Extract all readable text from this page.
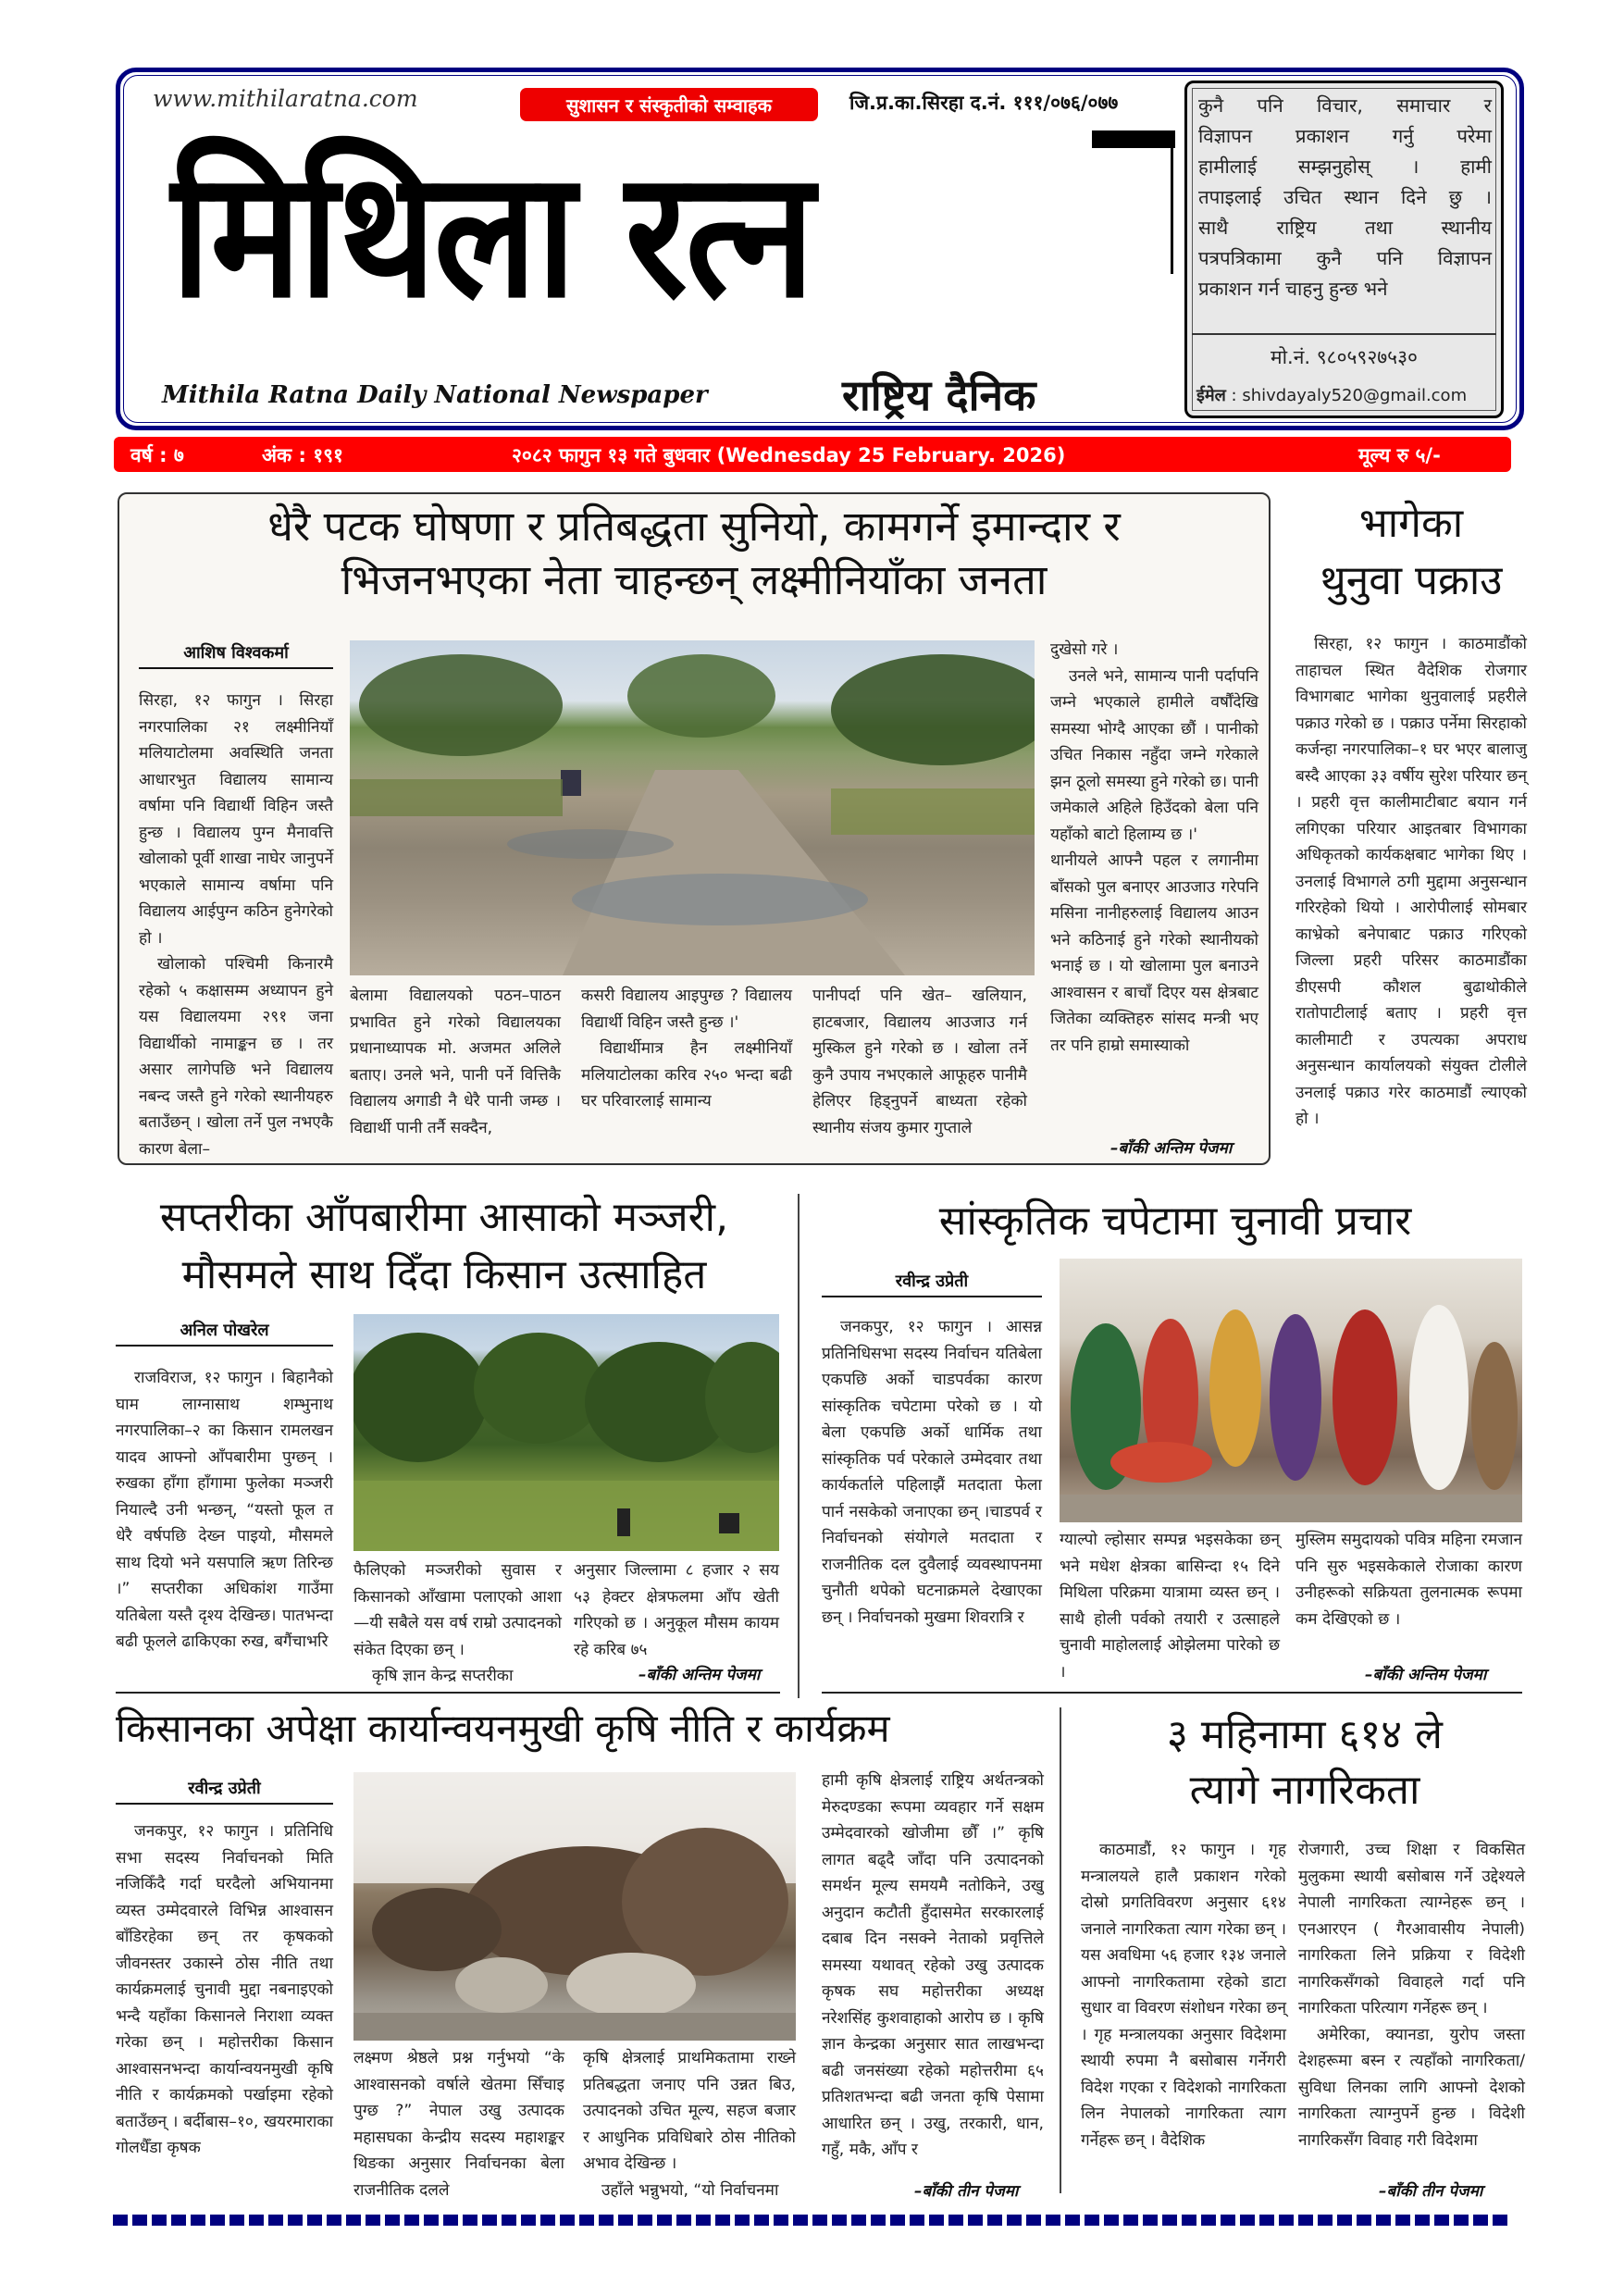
www.mithilaratna.com	सुशासन र संस्कृतीको सम्वाहक	जि.प्र.का.सिरहा द.नं. १११/०७६/०७७
मिथिला रत्न
Mithila Ratna Daily National Newspaper	राष्ट्रिय दैनिक
कुनै पनि विचार, समाचार र
विज्ञापन प्रकाशन गर्नु परेमा
हामीलाई सम्झनुहोस् । हामी
तपाइलाई उचित स्थान दिने छु ।
साथै राष्ट्रिय तथा स्थानीय
पत्रपत्रिकामा कुनै पनि विज्ञापन
प्रकाशन गर्न चाहनु हुन्छ भने
मो.नं. ९८०५९२७५३०
ईमेल : shivdayaly520@gmail.com
वर्ष : ७	अंक : १९१	२०८२ फागुन १३ गते बुधवार (Wednesday 25 February. 2026)	मूल्य रु ५/-
धेरै पटक घोषणा र प्रतिबद्धता सुनियो, कामगर्ने इमान्दार र
भिजनभएका नेता चाहन्छन् लक्ष्मीनियाँका जनता
आशिष विश्वकर्मा

सिरहा, १२ फागुन । सिरहा नगरपालिका २१ लक्ष्मीनियाँ मलियाटोलमा अवस्थिति जनता आधारभुत विद्यालय सामान्य वर्षामा पनि विद्यार्थी विहिन जस्तै हुन्छ । विद्यालय पुग्न मैनावत्ति खोलाको पूर्वी शाखा नाघेर जानुपर्ने भएकाले सामान्य वर्षामा पनि विद्यालय आईपुग्न कठिन हुनेगरेको हो ।

खोलाको पश्चिमी किनारमै रहेको ५ कक्षासम्म अध्यापन हुने यस विद्यालयमा २९१ जना विद्यार्थीको नामाङ्कन छ । तर असार लागेपछि भने विद्यालय नबन्द जस्तै हुने गरेको स्थानीयहरु बताउँछन् । खोला तर्ने पुल नभएकै कारण बेला–

बेलामा विद्यालयको पठन–पाठन प्रभावित हुने गरेको विद्यालयका प्रधानाध्यापक मो. अजमत अलिले बताए। उनले भने, पानी पर्ने वित्तिकै विद्यालय अगाडी नै धेरै पानी जम्छ । विद्यार्थी पानी तर्नै सक्दैन,

कसरी विद्यालय आइपुग्छ ? विद्यालय विद्यार्थी विहिन जस्तै हुन्छ ।'

विद्यार्थीमात्र हैन लक्ष्मीनियाँ मलियाटोलका करिव २५० भन्दा बढी घर परिवारलाई सामान्य

पानीपर्दा पनि खेत– खलियान, हाटबजार, विद्यालय आउजाउ गर्न मुस्किल हुने गरेको छ । खोला तर्ने कुनै उपाय नभएकाले आफूहरु पानीमै हेलिएर हिड्नुपर्ने बाध्यता रहेको स्थानीय संजय कुमार गुप्ताले

दुखेसो गरे ।

उनले भने, सामान्य पानी पर्दापनि जम्ने भएकाले हामीले वर्षौंदेखि समस्या भोग्दै आएका छौं । पानीको उचित निकास नहुँदा जम्ने गरेकाले झन ठूलो समस्या हुने गरेको छ। पानी जमेकाले अहिले हिउँदको बेला पनि यहाँको बाटो हिलाम्य छ ।'

थानीयले आफ्नै पहल र लगानीमा बाँसको पुल बनाएर आउजाउ गरेपनि मसिना नानीहरुलाई विद्यालय आउन भने कठिनाई हुने गरेको स्थानीयको भनाई छ । यो खोलामा पुल बनाउने आश्वासन र बाचाँ दिएर यस क्षेत्रबाट जितेका व्यक्तिहरु सांसद मन्त्री भए तर पनि हाम्रो समास्याको

–बाँकी अन्तिम पेजमा
भागेका
थुनुवा पक्राउ

सिरहा, १२ फागुन । काठमाडौंको ताहाचल स्थित वैदेशिक रोजगार विभागबाट भागेका थुनुवालाई प्रहरीले पक्राउ गरेको छ । पक्राउ पर्नेमा सिरहाको कर्जन्हा नगरपालिका–१ घर भएर बालाजु बस्दै आएका ३३ वर्षीय सुरेश परियार छन् । प्रहरी वृत्त कालीमाटीबाट बयान गर्न लगिएका परियार आइतबार विभागका अधिकृतको कार्यकक्षबाट भागेका थिए । उनलाई विभागले ठगी मुद्दामा अनुसन्धान गरिरहेको थियो । आरोपीलाई सोमबार काभ्रेको बनेपाबाट पक्राउ गरिएको जिल्ला प्रहरी परिसर काठमाडौंका डीएसपी कौशल बुढाथोकीले रातोपाटीलाई बताए । प्रहरी वृत्त कालीमाटी र उपत्यका अपराध अनुसन्धान कार्यालयको संयुक्त टोलीले उनलाई पक्राउ गरेर काठमाडौं ल्याएको हो ।

सप्तरीका आँपबारीमा आसाको मञ्जरी,
मौसमले साथ दिँदा किसान उत्साहित
अनिल पोखरेल

राजविराज, १२ फागुन । बिहानैको घाम लाग्नासाथ शम्भुनाथ नगरपालिका–२ का किसान रामलखन यादव आफ्नो आँपबारीमा पुग्छन् । रुखका हाँगा हाँगामा फुलेका मञ्जरी नियाल्दै उनी भन्छन्, “यस्तो फूल त धेरै वर्षपछि देख्न पाइयो, मौसमले साथ दियो भने यसपालि ऋण तिरिन्छ ।” सप्तरीका अधिकांश गाउँमा यतिबेला यस्तै दृश्य देखिन्छ। पातभन्दा बढी फूलले ढाकिएका रुख, बगैंचाभरि

फैलिएको मञ्जरीको सुवास र किसानको आँखामा पलाएको आशा—यी सबैले यस वर्ष राम्रो उत्पादनको संकेत दिएका छन् ।

कृषि ज्ञान केन्द्र सप्तरीका

अनुसार जिल्लामा ८ हजार २ सय ५३ हेक्टर क्षेत्रफलमा आँप खेती गरिएको छ । अनुकूल मौसम कायम रहे करिब ७५

–बाँकी अन्तिम पेजमा
सांस्कृतिक चपेटामा चुनावी प्रचार
रवीन्द्र उप्रेती

जनकपुर, १२ फागुन । आसन्न प्रतिनिधिसभा सदस्य निर्वाचन यतिबेला एकपछि अर्को चाडपर्वका कारण सांस्कृतिक चपेटामा परेको छ । यो बेला एकपछि अर्को धार्मिक तथा सांस्कृतिक पर्व परेकाले उम्मेदवार तथा कार्यकर्ताले पहिलाझैं मतदाता फेला पार्न नसकेको जनाएका छन् ।चाडपर्व र निर्वाचनको संयोगले मतदाता र राजनीतिक दल दुवैलाई व्यवस्थापनमा चुनौती थपेको घटनाक्रमले देखाएका छन् । निर्वाचनको मुखमा शिवरात्रि र

ग्याल्पो ल्होसार सम्पन्न भइसकेका छन् भने मधेश क्षेत्रका बासिन्दा १५ दिने मिथिला परिक्रमा यात्रामा व्यस्त छन् । साथै होली पर्वको तयारी र उत्साहले चुनावी माहोललाई ओझेलमा पारेको छ ।

मुस्लिम समुदायको पवित्र महिना रमजान पनि सुरु भइसकेकाले रोजाका कारण उनीहरूको सक्रियता तुलनात्मक रूपमा कम देखिएको छ ।

–बाँकी अन्तिम पेजमा
किसानका अपेक्षा कार्यान्वयनमुखी कृषि नीति र कार्यक्रम
रवीन्द्र उप्रेती

जनकपुर, १२ फागुन । प्रतिनिधि सभा सदस्य निर्वाचनको मिति नजिकिँदै गर्दा घरदैलो अभियानमा व्यस्त उम्मेदवारले विभिन्न आश्वासन बाँडिरहेका छन् तर कृषकको जीवनस्तर उकास्ने ठोस नीति तथा कार्यक्रमलाई चुनावी मुद्दा नबनाइएको भन्दै यहाँका किसानले निराशा व्यक्त गरेका छन् । महोत्तरीका किसान आश्वासनभन्दा कार्यान्वयनमुखी कृषि नीति र कार्यक्रमको पर्खाइमा रहेको बताउँछन् । बर्दीबास–१०, खयरमाराका गोलधैँडा कृषक

लक्ष्मण श्रेष्ठले प्रश्न गर्नुभयो “के आश्वासनको वर्षाले खेतमा सिँचाइ पुग्छ ?” नेपाल उखु उत्पादक महासघका केन्द्रीय सदस्य महाशङ्कर थिङका अनुसार निर्वाचनका बेला राजनीतिक दलले

कृषि क्षेत्रलाई प्राथमिकतामा राख्ने प्रतिबद्धता जनाए पनि उन्नत बिउ, उत्पादनको उचित मूल्य, सहज बजार र आधुनिक प्रविधिबारे ठोस नीतिको अभाव देखिन्छ ।

उहाँले भन्नुभयो, “यो निर्वाचनमा

हामी कृषि क्षेत्रलाई राष्ट्रिय अर्थतन्त्रको मेरुदण्डका रूपमा व्यवहार गर्ने सक्षम उम्मेदवारको खोजीमा छौँ ।” कृषि लागत बढ्दै जाँदा पनि उत्पादनको समर्थन मूल्य समयमै नतोकिने, उखु अनुदान कटौती हुँदासमेत सरकारलाई दबाब दिन नसक्ने नेताको प्रवृत्तिले समस्या यथावत् रहेको उखु उत्पादक कृषक सघ महोत्तरीका अध्यक्ष नरेशसिंह कुशवाहाको आरोप छ । कृषि ज्ञान केन्द्रका अनुसार सात लाखभन्दा बढी जनसंख्या रहेको महोत्तरीमा ६५ प्रतिशतभन्दा बढी जनता कृषि पेसामा आधारित छन् । उखु, तरकारी, धान, गहुँ, मकै, आँप र

–बाँकी तीन पेजमा
३ महिनामा ६१४ ले
त्यागे नागरिकता

काठमाडौं, १२ फागुन । गृह मन्त्रालयले हालै प्रकाशन गरेको दोस्रो प्रगतिविवरण अनुसार ६१४ जनाले नागरिकता त्याग गरेका छन् । यस अवधिमा ५६ हजार १३४ जनाले आफ्नो नागरिकतामा रहेको डाटा सुधार वा विवरण संशोधन गरेका छन् । गृह मन्त्रालयका अनुसार विदेशमा स्थायी रुपमा नै बसोबास गर्नेगरी विदेश गएका र विदेशको नागरिकता लिन नेपालको नागरिकता त्याग गर्नेहरू छन् । वैदेशिक

रोजगारी, उच्च शिक्षा र विकसित मुलुकमा स्थायी बसोबास गर्ने उद्देश्यले नेपाली नागरिकता त्याग्नेहरू छन् । एनआरएन ( गैरआवासीय नेपाली) नागरिकता लिने प्रक्रिया र विदेशी नागरिकसँगको विवाहले गर्दा पनि नागरिकता परित्याग गर्नेहरू छन् ।

अमेरिका, क्यानडा, युरोप जस्ता देशहरूमा बस्न र त्यहाँको नागरिकता/सुविधा लिनका लागि आफ्नो देशको नागरिकता त्याग्नुपर्ने हुन्छ । विदेशी नागरिकसँग विवाह गरी विदेशमा

–बाँकी तीन पेजमा
